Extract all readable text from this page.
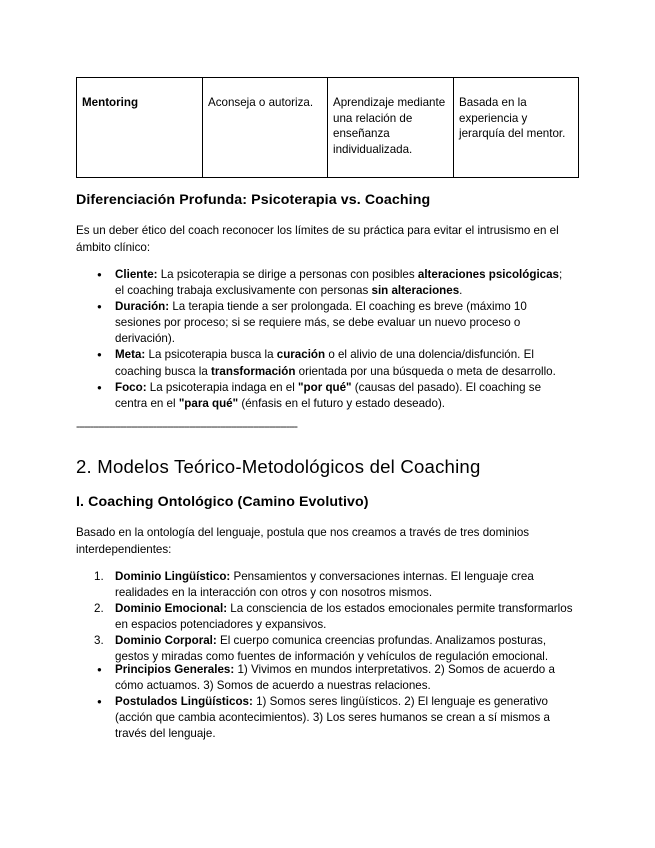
Mentoring	Aconseja o autoriza.	Aprendizaje mediante una relación de enseñanza individualizada.	Basada en la experiencia y jerarquía del mentor.
Diferenciación Profunda: Psicoterapia vs. Coaching

Es un deber ético del coach reconocer los límites de su práctica para evitar el intrusismo en el ámbito clínico:

● Cliente: La psicoterapia se dirige a personas con posibles alteraciones psicológicas; el coaching trabaja exclusivamente con personas sin alteraciones.
● Duración: La terapia tiende a ser prolongada. El coaching es breve (máximo 10 sesiones por proceso; si se requiere más, se debe evaluar un nuevo proceso o derivación).
● Meta: La psicoterapia busca la curación o el alivio de una dolencia/disfunción. El coaching busca la transformación orientada por una búsqueda o meta de desarrollo.
● Foco: La psicoterapia indaga en el "por qué" (causas del pasado). El coaching se centra en el "para qué" (énfasis en el futuro y estado deseado).
--------------------------------------------------------------------------------
2. Modelos Teórico-Metodológicos del Coaching
I. Coaching Ontológico (Camino Evolutivo)

Basado en la ontología del lenguaje, postula que nos creamos a través de tres dominios interdependientes:

1. Dominio Lingüístico: Pensamientos y conversaciones internas. El lenguaje crea realidades en la interacción con otros y con nosotros mismos.
2. Dominio Emocional: La consciencia de los estados emocionales permite transformarlos en espacios potenciadores y expansivos.
3. Dominio Corporal: El cuerpo comunica creencias profundas. Analizamos posturas, gestos y miradas como fuentes de información y vehículos de regulación emocional.
● Principios Generales: 1) Vivimos en mundos interpretativos. 2) Somos de acuerdo a cómo actuamos. 3) Somos de acuerdo a nuestras relaciones.
● Postulados Lingüísticos: 1) Somos seres lingüísticos. 2) El lenguaje es generativo (acción que cambia acontecimientos). 3) Los seres humanos se crean a sí mismos a través del lenguaje.
